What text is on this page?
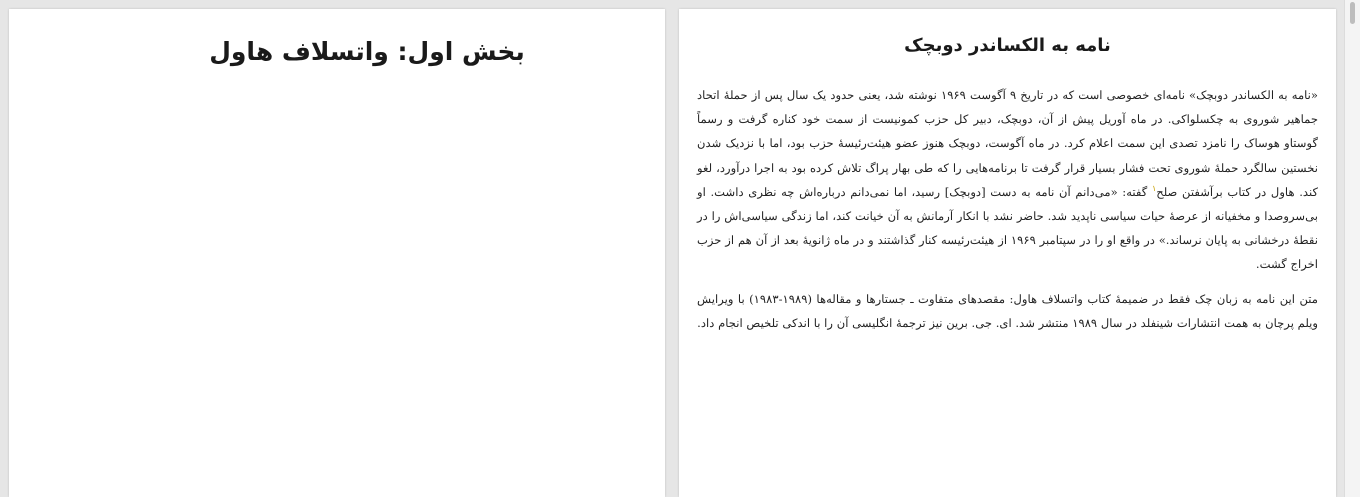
بخش اول: واتسلاف هاول	نامه به الکساندر دوبچک

«نامه به الکساندر دوبچک» نامه‌ای خصوصی است که در تاریخ ۹ آگوست ۱۹۶۹ نوشته شد، یعنی حدود یک سال پس از حملهٔ اتحاد جماهیر شوروی به چکسلواکی. در ماه آوریل پیش از آن، دوبچک، دبیر کل حزب کمونیست از سمت خود کناره گرفت و رسماً گوستاو هوساک را نامزد تصدی این سمت اعلام کرد. در ماه آگوست، دوبچک هنوز عضو هیئت‌رئیسهٔ حزب بود، اما با نزدیک شدن نخستین سالگرد حملهٔ شوروی تحت فشار بسیار قرار گرفت تا برنامه‌هایی را که طی بهار پراگ تلاش کرده بود به اجرا درآورد، لغو کند. هاول در کتاب برآشفتن صلح$^۱$ گفته: «می‌دانم آن نامه به دست [دوبچک] رسید، اما نمی‌دانم درباره‌اش چه نظری داشت. او بی‌سروصدا و مخفیانه از عرصهٔ حیات سیاسی ناپدید شد. حاضر نشد با انکار آرمانش به آن خیانت کند، اما زندگی سیاسی‌اش را در نقطهٔ درخشانی به پایان نرساند.» در واقع او را در سپتامبر ۱۹۶۹ از هیئت‌رئیسه کنار گذاشتند و در ماه ژانویهٔ بعد از آن هم از حزب اخراج گشت.

متن این نامه به زبان چک فقط در ضمیمهٔ کتاب واتسلاف هاول: مقصدهای متفاوت ـ جستارها و مقاله‌ها (۱۹۸۹-۱۹۸۳) با ویرایش ویلم پرچان به همت انتشارات شینفلد در سال ۱۹۸۹ منتشر شد. ای. جی. برین نیز ترجمهٔ انگلیسی آن را با اندکی تلخیص انجام داد.
